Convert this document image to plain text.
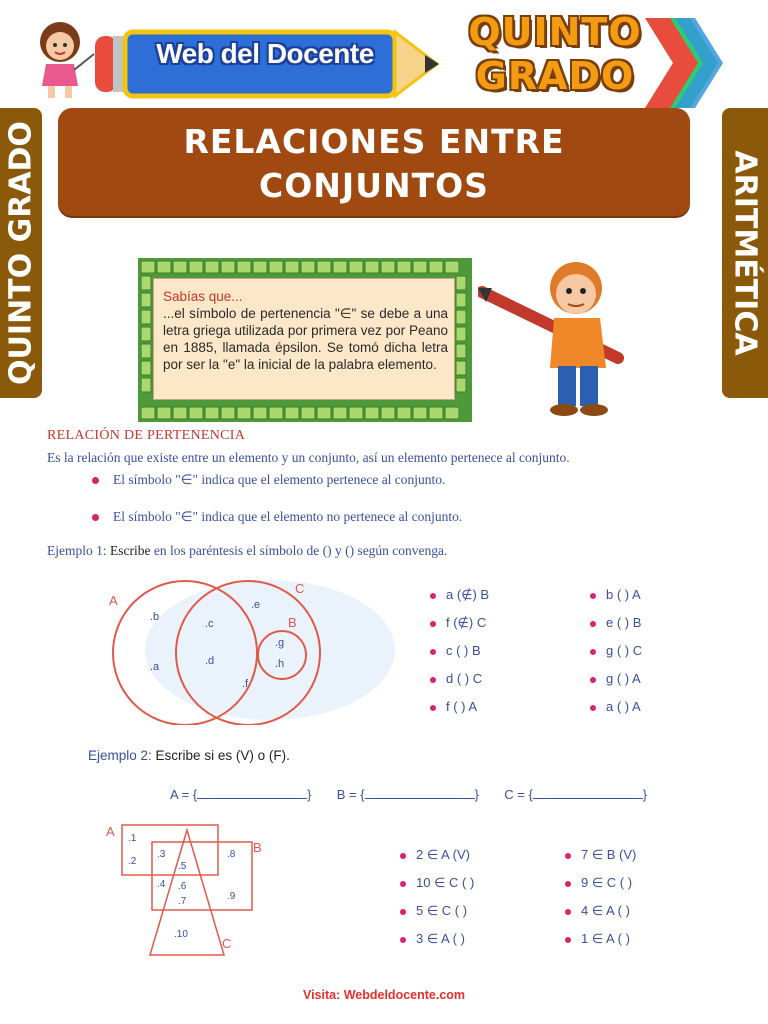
Web del Docente	QUINTO
GRADO
QUINTO GRADO	ARITMÉTICA
RELACIONES ENTRE
CONJUNTOS
Sabías que...
...el símbolo de pertenencia "∈" se debe a una letra griega utilizada por primera vez por Peano en 1885, llamada épsilon. Se tomó dicha letra por ser la "e" la inicial de la palabra elemento.
RELACIÓN DE PERTENENCIA
Es la relación que existe entre un elemento y un conjunto, así un elemento pertenece al conjunto.
El símbolo "∈" indica que el elemento pertenece al conjunto.
El símbolo "∈" indica que el elemento no pertenece al conjunto.
Ejemplo 1: Escribe en los paréntesis el símbolo de () y () según convenga.
A
B
C
.b
.c
.e
.g
.h
.a	.d
.f
a (∉) B
f (∉) C
c ( ) B
d ( ) C
f ( ) A
b ( ) A
e ( ) B
g ( ) C
g ( ) A
a ( ) A
Ejemplo 2: Escribe si es (V) o (F).
A = {	} B = {	} C = {	}
A
B
C
.1
.2
.3
.5
.8
.4 .6
.7	.9
.10
2 ∈ A (V)
10 ∈ C ( )
5 ∈ C ( )
3 ∈ A ( )
7 ∈ B (V)
9 ∈ C ( )
4 ∈ A ( )
1 ∈ A ( )
Visita: Webdeldocente.com
